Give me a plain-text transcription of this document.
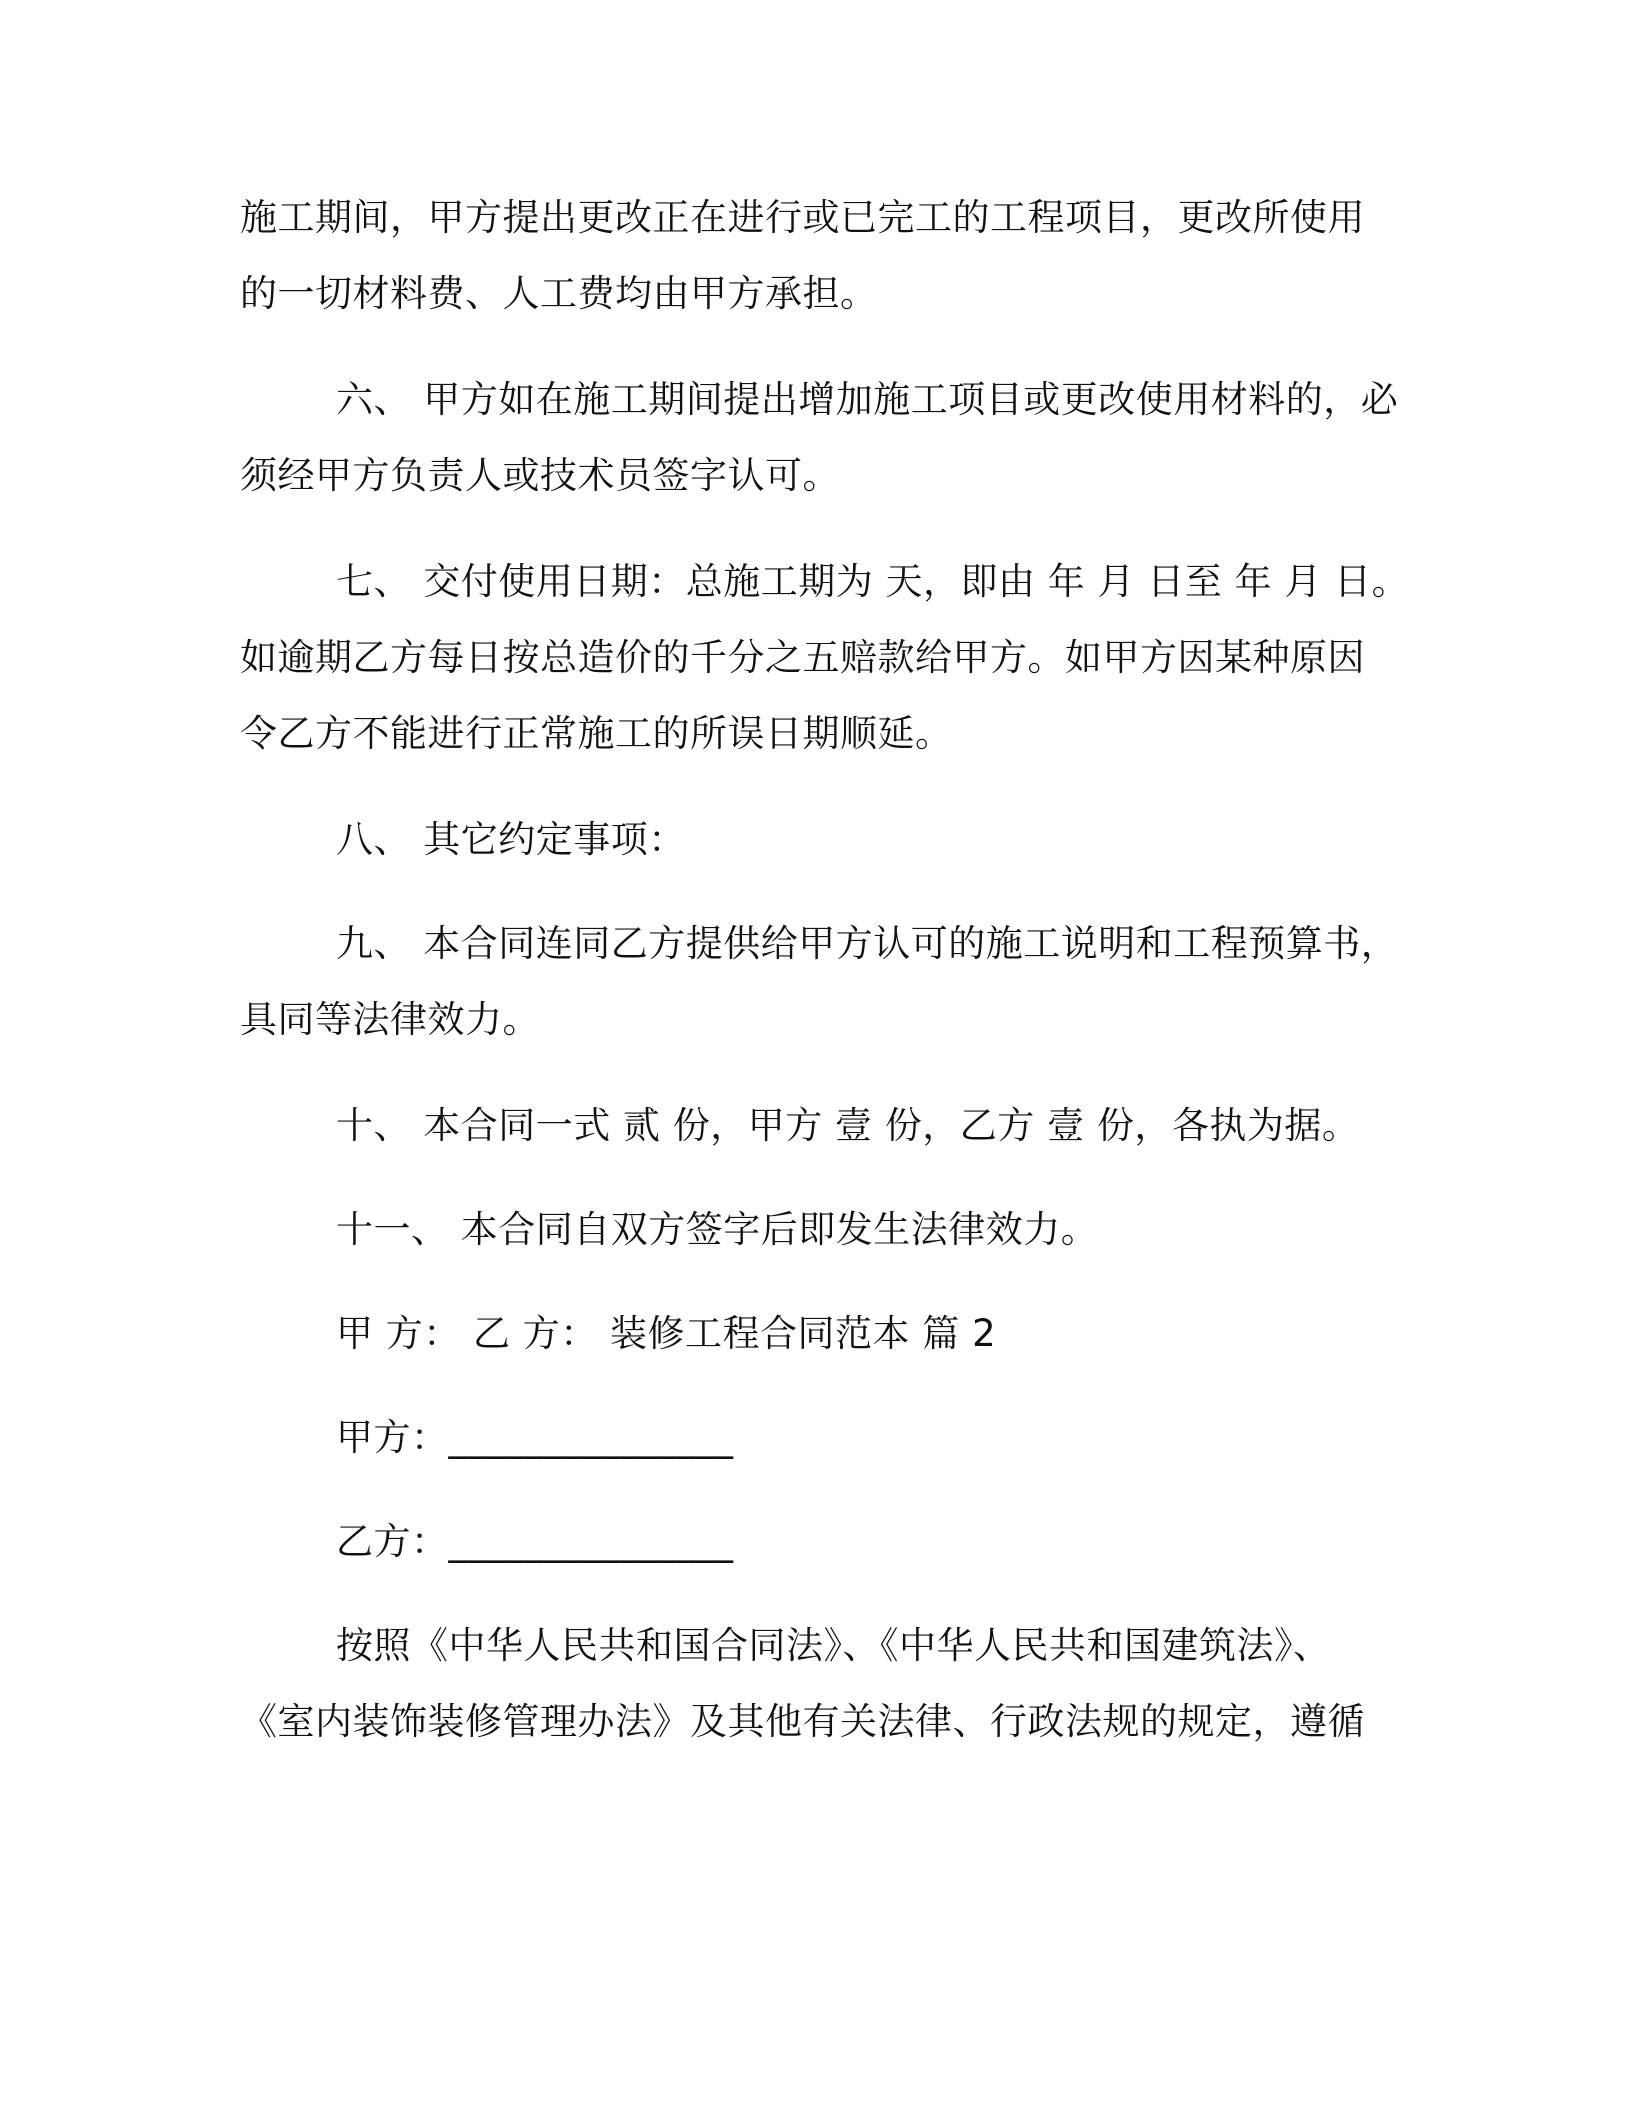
施工期间，甲方提出更改正在进行或已完工的工程项目，更改所使用
的一切材料费、人工费均由甲方承担。
六、 甲方如在施工期间提出增加施工项目或更改使用材料的，必
须经甲方负责人或技术员签字认可。
七、 交付使用日期：总施工期为 天，即由 年 月 日至 年 月 日。
如逾期乙方每日按总造价的千分之五赔款给甲方。如甲方因某种原因
令乙方不能进行正常施工的所误日期顺延。
八、 其它约定事项：
九、 本合同连同乙方提供给甲方认可的施工说明和工程预算书，
具同等法律效力。
十、 本合同一式 贰 份，甲方 壹 份，乙方 壹 份，各执为据。
十一、 本合同自双方签字后即发生法律效力。
甲 方： 乙 方： 装修工程合同范本 篇 2
甲方：_______________
乙方：_______________
按照《中华人民共和国合同法》、《中华人民共和国建筑法》、
《室内装饰装修管理办法》及其他有关法律、行政法规的规定，遵循
